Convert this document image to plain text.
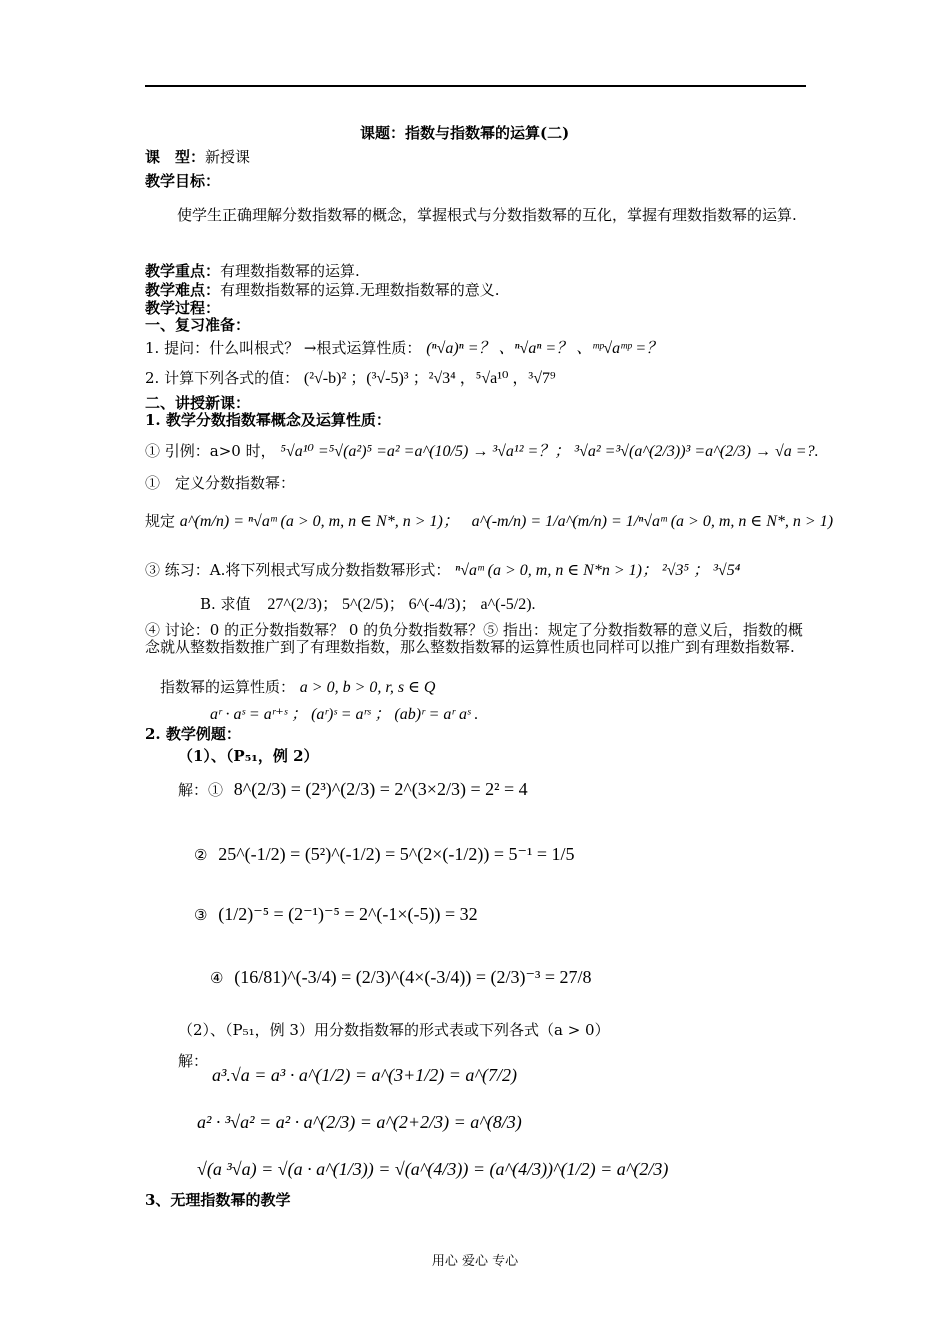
课题：指数与指数幂的运算(二)
课　型：新授课
教学目标：
使学生正确理解分数指数幂的概念，掌握根式与分数指数幂的互化，掌握有理数指数幂的运算.
教学重点：有理数指数幂的运算.
教学难点：有理数指数幂的运算.无理数指数幂的意义.
教学过程：
一、复习准备：
1. 提问：什么叫根式？ →根式运算性质： (ⁿ√a)ⁿ =？ 、ⁿ√aⁿ =？ 、ᵐᵖ√aᵐᵖ =？
2. 计算下列各式的值： (²√-b)² ；(³√-5)³ ；²√3⁴ ，⁵√a¹⁰ ，³√7⁹
二、讲授新课：
1. 教学分数指数幂概念及运算性质：
① 引例：a>0 时， ⁵√a¹⁰ =⁵√(a²)⁵ =a² =a^(10/5) → ³√a¹² =？； ³√a² =³√(a^(2/3))³ =a^(2/3) → √a =?.
①　定义分数指数幂：
规定 a^(m/n) = ⁿ√aᵐ (a > 0, m, n ∈ N*, n > 1)； a^(-m/n) = 1/a^(m/n) = 1/ⁿ√aᵐ (a > 0, m, n ∈ N*, n > 1)
③ 练习：A.将下列根式写成分数指数幂形式： ⁿ√aᵐ (a > 0, m, n ∈ N*n > 1)； ²√3⁵ ； ³√5⁴
B. 求值 27^(2/3)； 5^(2/5)； 6^(-4/3)； a^(-5/2).
④ 讨论：0 的正分数指数幂？ 0 的负分数指数幂？⑤ 指出：规定了分数指数幂的意义后，指数的概念就从整数指数推广到了有理数指数，那么整数指数幂的运算性质也同样可以推广到有理数指数幂.
指数幂的运算性质： a > 0, b > 0, r, s ∈ Q
aʳ · aˢ = aʳ⁺ˢ ； (aʳ)ˢ = aʳˢ ； (ab)ʳ = aʳ aˢ .
2. 教学例题：
（1）、（P₅₁，例 2）
解：① 8^(2/3) = (2³)^(2/3) = 2^(3×2/3) = 2² = 4
② 25^(-1/2) = (5²)^(-1/2) = 5^(2×(-1/2)) = 5⁻¹ = 1/5
③ (1/2)⁻⁵ = (2⁻¹)⁻⁵ = 2^(-1×(-5)) = 32
④ (16/81)^(-3/4) = (2/3)^(4×(-3/4)) = (2/3)⁻³ = 27/8
（2）、（P₅₁，例 3）用分数指数幂的形式表或下列各式（a > 0）
解：
a³.√a = a³ · a^(1/2) = a^(3+1/2) = a^(7/2)
a² · ³√a² = a² · a^(2/3) = a^(2+2/3) = a^(8/3)
√(a ³√a) = √(a · a^(1/3)) = √(a^(4/3)) = (a^(4/3))^(1/2) = a^(2/3)
3、无理指数幂的教学
用心 爱心 专心
